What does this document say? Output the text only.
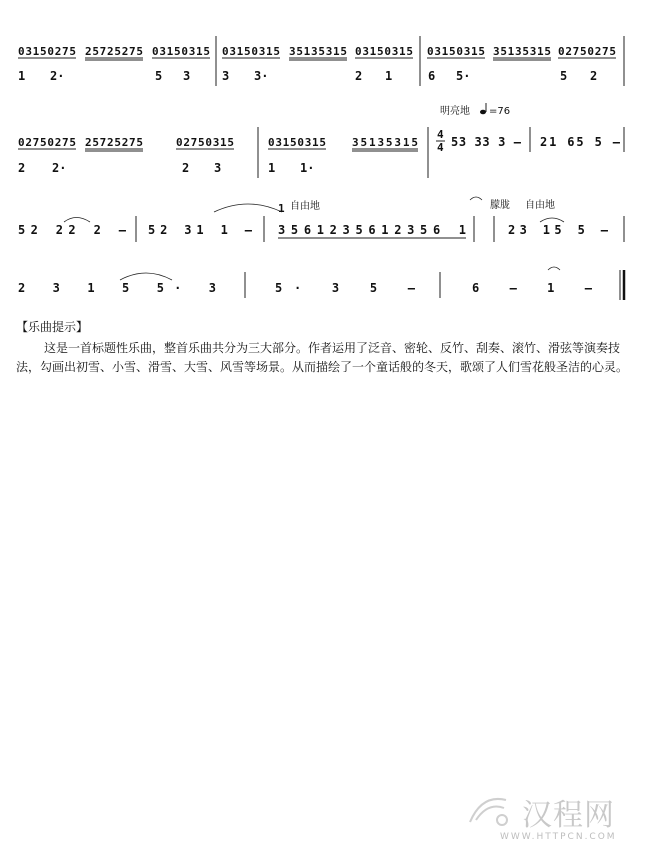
03150275 25725275 03150315
1 2·	5 3
03150315 35135315 03150315
3 3·	2 1
03150315 35135315 02750275
6 5·	5 2
02750275 25725275	02750315
2 2·	2 3
03150315 35135315
1 1·
明亮地 =76
4
4 53 33 3 – 21 65 5 –
52 22 2 – 52 31 1 –
1 自由地
3561235612356 1
朦胧 自由地
23 15 5 –
2 3 1 5 5· 3	5· 3 5 –	6 – 1 –

【乐曲提示】

这是一首标题性乐曲，整首乐曲共分为三大部分。作者运用了泛音、密轮、反竹、刮奏、滚竹、滑弦等演奏技法，勾画出初雪、小雪、滑雪、大雪、风雪等场景。从而描绘了一个童话般的冬天，歌颂了人们雪花般圣洁的心灵。

汉程网
WWW.HTTPCN.COM
